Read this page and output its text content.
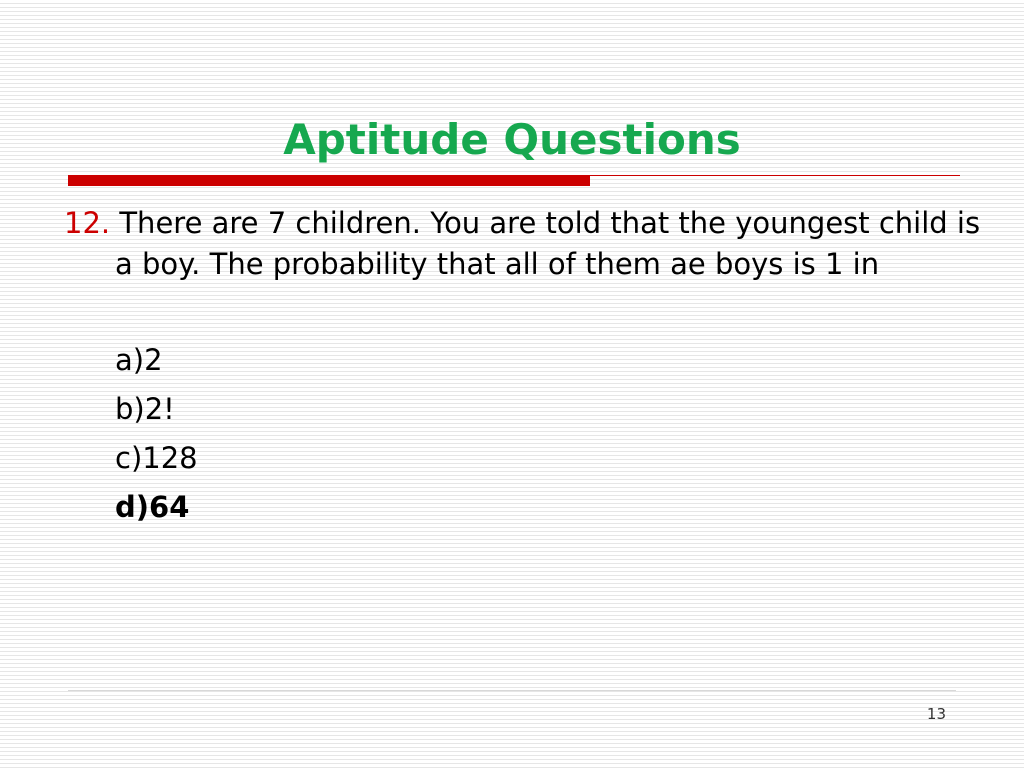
Aptitude Questions

12. There are 7 children. You are told that the youngest child is a boy. The probability that all of them ae boys is 1 in

a)2
b)2!
c)128
d)64
13
